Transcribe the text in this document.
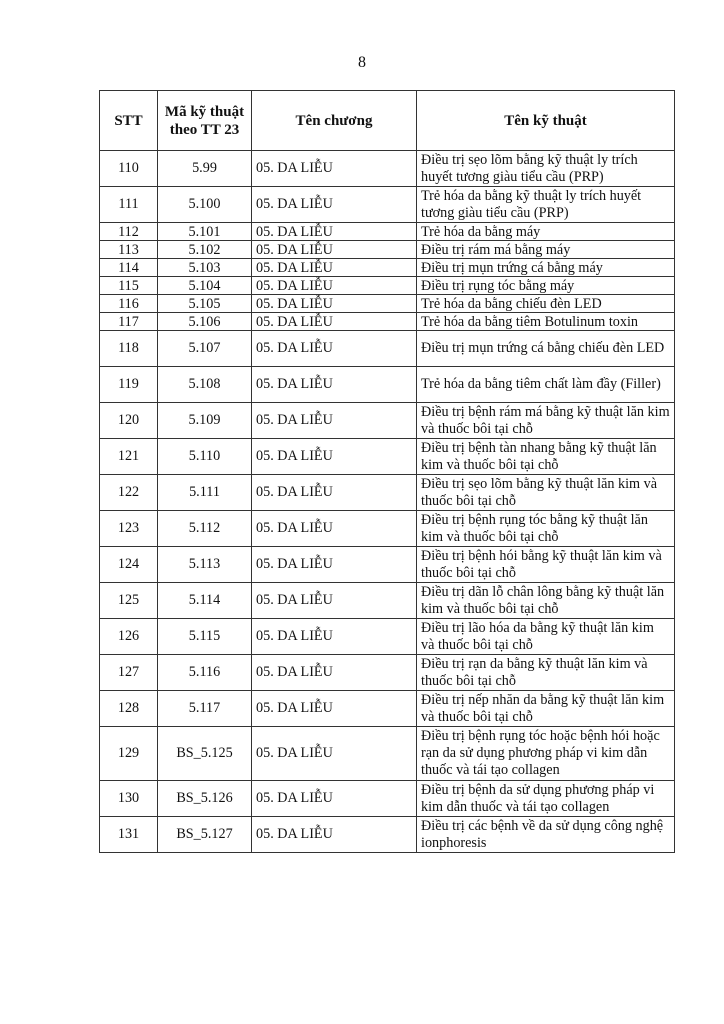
8
STT	Mã kỹ thuật theo TT 23	Tên chương	Tên kỹ thuật
110	5.99	05. DA LIỄU	Điều trị sẹo lõm bằng kỹ thuật ly trích huyết tương giàu tiểu cầu (PRP)
111	5.100	05. DA LIỄU	Trẻ hóa da bằng kỹ thuật ly trích huyết tương giàu tiểu cầu (PRP)
112	5.101	05. DA LIỄU	Trẻ hóa da bằng máy
113	5.102	05. DA LIỄU	Điều trị rám má bằng máy
114	5.103	05. DA LIỄU	Điều trị mụn trứng cá bằng máy
115	5.104	05. DA LIỄU	Điều trị rụng tóc bằng máy
116	5.105	05. DA LIỄU	Trẻ hóa da bằng chiếu đèn LED
117	5.106	05. DA LIỄU	Trẻ hóa da bằng tiêm Botulinum toxin
118	5.107	05. DA LIỄU	Điều trị mụn trứng cá bằng chiếu đèn LED
119	5.108	05. DA LIỄU	Trẻ hóa da bằng tiêm chất làm đầy (Filler)
120	5.109	05. DA LIỄU	Điều trị bệnh rám má bằng kỹ thuật lăn kim và thuốc bôi tại chỗ
121	5.110	05. DA LIỄU	Điều trị bệnh tàn nhang bằng kỹ thuật lăn kim và thuốc bôi tại chỗ
122	5.111	05. DA LIỄU	Điều trị sẹo lõm bằng kỹ thuật lăn kim và thuốc bôi tại chỗ
123	5.112	05. DA LIỄU	Điều trị bệnh rụng tóc bằng kỹ thuật lăn kim và thuốc bôi tại chỗ
124	5.113	05. DA LIỄU	Điều trị bệnh hói bằng kỹ thuật lăn kim và thuốc bôi tại chỗ
125	5.114	05. DA LIỄU	Điều trị dãn lỗ chân lông bằng kỹ thuật lăn kim và thuốc bôi tại chỗ
126	5.115	05. DA LIỄU	Điều trị lão hóa da bằng kỹ thuật lăn kim và thuốc bôi tại chỗ
127	5.116	05. DA LIỄU	Điều trị rạn da bằng kỹ thuật lăn kim và thuốc bôi tại chỗ
128	5.117	05. DA LIỄU	Điều trị nếp nhăn da bằng kỹ thuật lăn kim và thuốc bôi tại chỗ
129	BS_5.125	05. DA LIỄU	Điều trị bệnh rụng tóc hoặc bệnh hói hoặc rạn da sử dụng phương pháp vi kim dẫn thuốc và tái tạo collagen
130	BS_5.126	05. DA LIỄU	Điều trị bệnh da sử dụng phương pháp vi kim dẫn thuốc và tái tạo collagen
131	BS_5.127	05. DA LIỄU	Điều trị các bệnh về da sử dụng công nghệ ionphoresis
